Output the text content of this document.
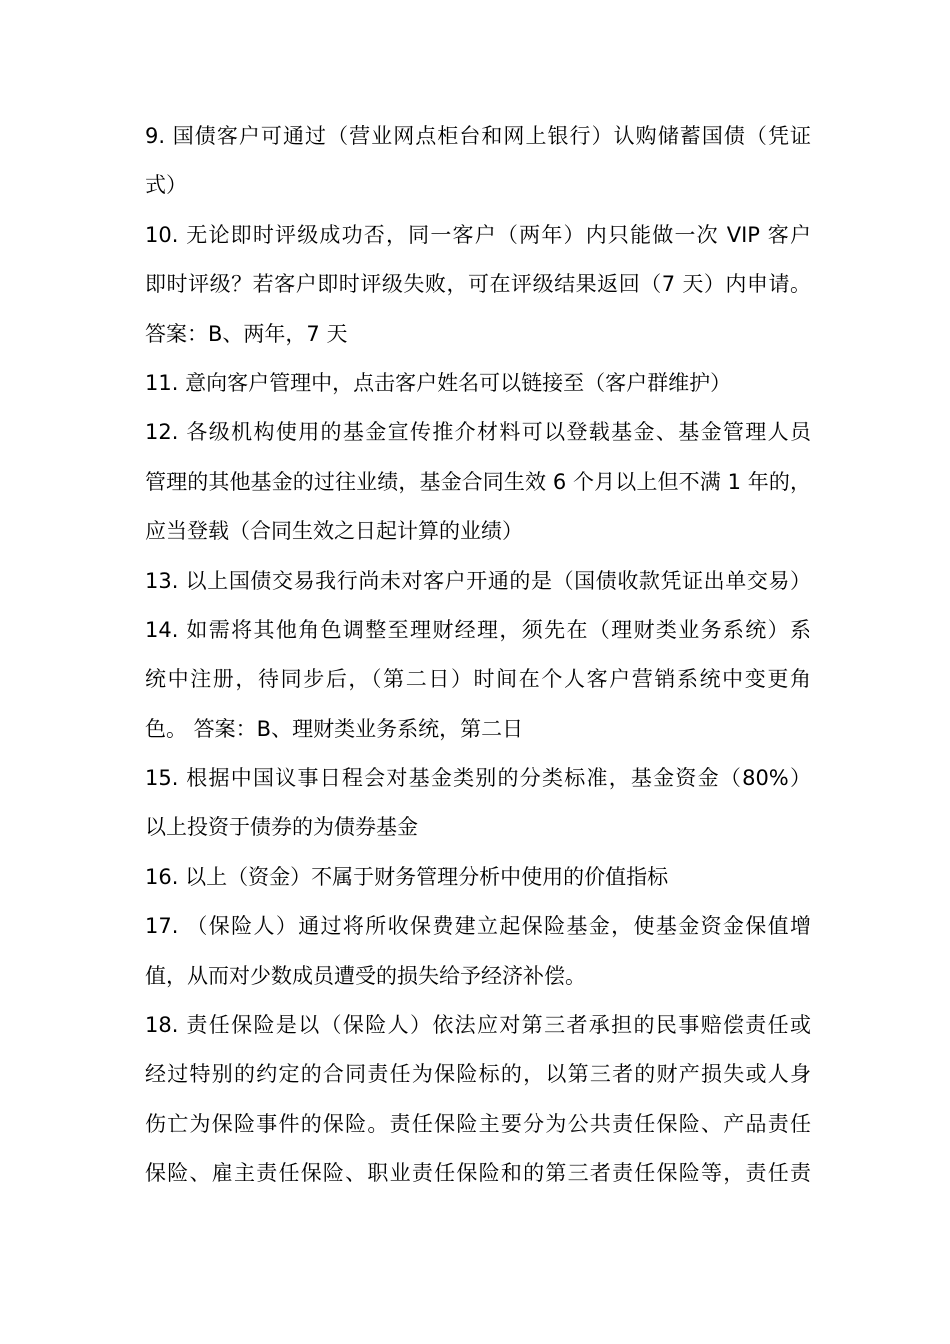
9. 国债客户可通过（营业网点柜台和网上银行）认购储蓄国债（凭证
式）
10. 无论即时评级成功否，同一客户（两年）内只能做一次 VIP 客户
即时评级？若客户即时评级失败，可在评级结果返回（7 天）内申请。
答案：B、两年，7 天
11. 意向客户管理中，点击客户姓名可以链接至（客户群维护）
12. 各级机构使用的基金宣传推介材料可以登载基金、基金管理人员
管理的其他基金的过往业绩，基金合同生效 6 个月以上但不满 1 年的，
应当登载（合同生效之日起计算的业绩）
13. 以上国债交易我行尚未对客户开通的是（国债收款凭证出单交易）
14. 如需将其他角色调整至理财经理，须先在（理财类业务系统）系
统中注册，待同步后，（第二日）时间在个人客户营销系统中变更角
色。 答案：B、理财类业务系统，第二日
15. 根据中国议事日程会对基金类别的分类标准，基金资金（80%）
以上投资于债券的为债券基金
16. 以上（资金）不属于财务管理分析中使用的价值指标
17. （保险人）通过将所收保费建立起保险基金，使基金资金保值增
值，从而对少数成员遭受的损失给予经济补偿。
18. 责任保险是以（保险人）依法应对第三者承担的民事赔偿责任或
经过特别的约定的合同责任为保险标的，以第三者的财产损失或人身
伤亡为保险事件的保险。责任保险主要分为公共责任保险、产品责任
保险、雇主责任保险、职业责任保险和的第三者责任保险等，责任责
